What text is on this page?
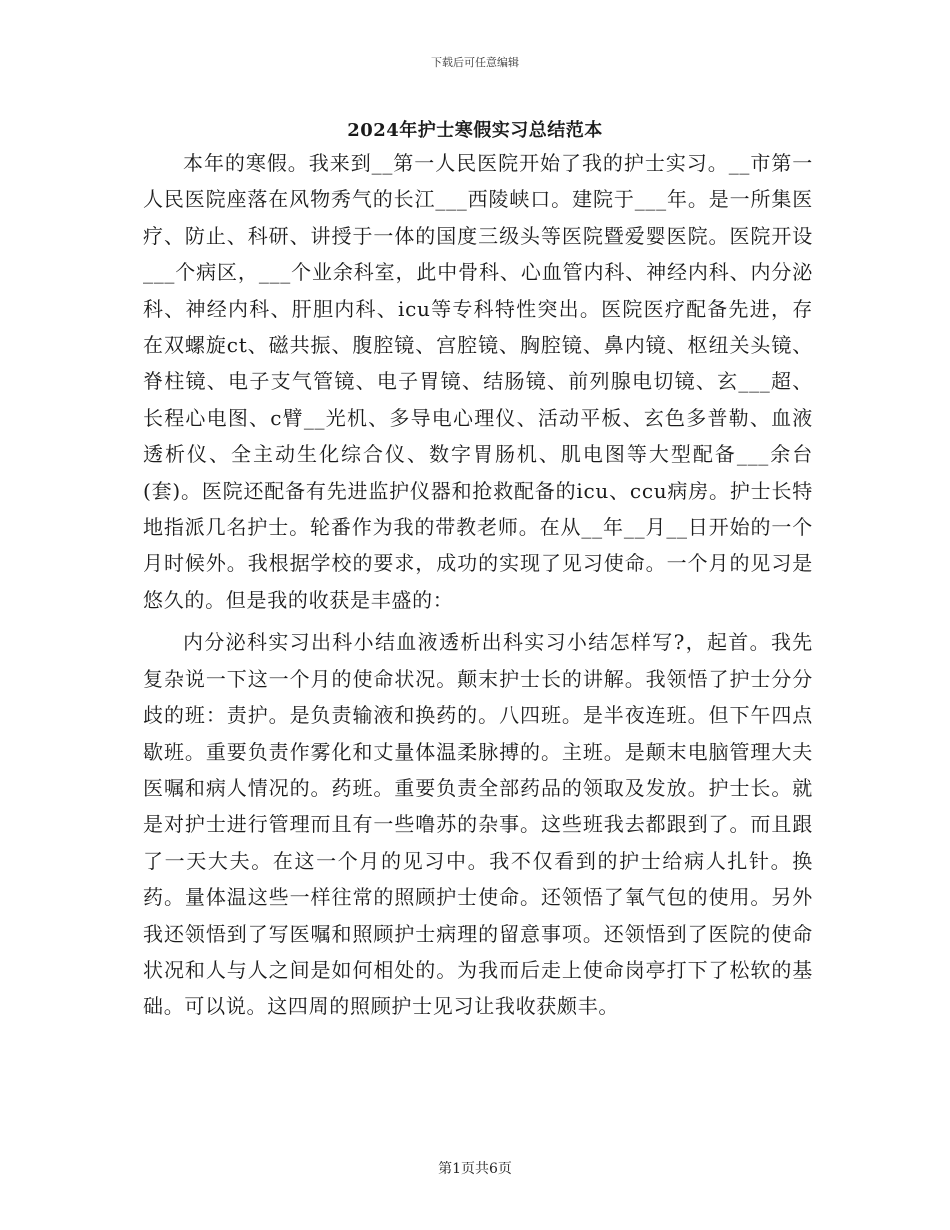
下载后可任意编辑
2024年护士寒假实习总结范本

本年的寒假。我来到__第一人民医院开始了我的护士实习。__市第一人民医院座落在风物秀气的长江___西陵峡口。建院于___年。是一所集医疗、防止、科研、讲授于一体的国度三级头等医院暨爱婴医院。医院开设___个病区，___个业余科室，此中骨科、心血管内科、神经内科、内分泌科、神经内科、肝胆内科、icu等专科特性突出。医院医疗配备先进，存在双螺旋ct、磁共振、腹腔镜、宫腔镜、胸腔镜、鼻内镜、枢纽关头镜、脊柱镜、电子支气管镜、电子胃镜、结肠镜、前列腺电切镜、玄___超、长程心电图、c臂__光机、多导电心理仪、活动平板、玄色多普勒、血液透析仪、全主动生化综合仪、数字胃肠机、肌电图等大型配备___余台(套)。医院还配备有先进监护仪器和抢救配备的icu、ccu病房。护士长特地指派几名护士。轮番作为我的带教老师。在从__年__月__日开始的一个月时候外。我根据学校的要求，成功的实现了见习使命。一个月的见习是悠久的。但是我的收获是丰盛的：

内分泌科实习出科小结血液透析出科实习小结怎样写?，起首。我先复杂说一下这一个月的使命状况。颠末护士长的讲解。我领悟了护士分分歧的班：责护。是负责输液和换药的。八四班。是半夜连班。但下午四点歇班。重要负责作雾化和丈量体温柔脉搏的。主班。是颠末电脑管理大夫医嘱和病人情况的。药班。重要负责全部药品的领取及发放。护士长。就是对护士进行管理而且有一些噜苏的杂事。这些班我去都跟到了。而且跟了一天大夫。在这一个月的见习中。我不仅看到的护士给病人扎针。换药。量体温这些一样往常的照顾护士使命。还领悟了氧气包的使用。另外我还领悟到了写医嘱和照顾护士病理的留意事项。还领悟到了医院的使命状况和人与人之间是如何相处的。为我而后走上使命岗亭打下了松软的基础。可以说。这四周的照顾护士见习让我收获颇丰。

第1页共6页
